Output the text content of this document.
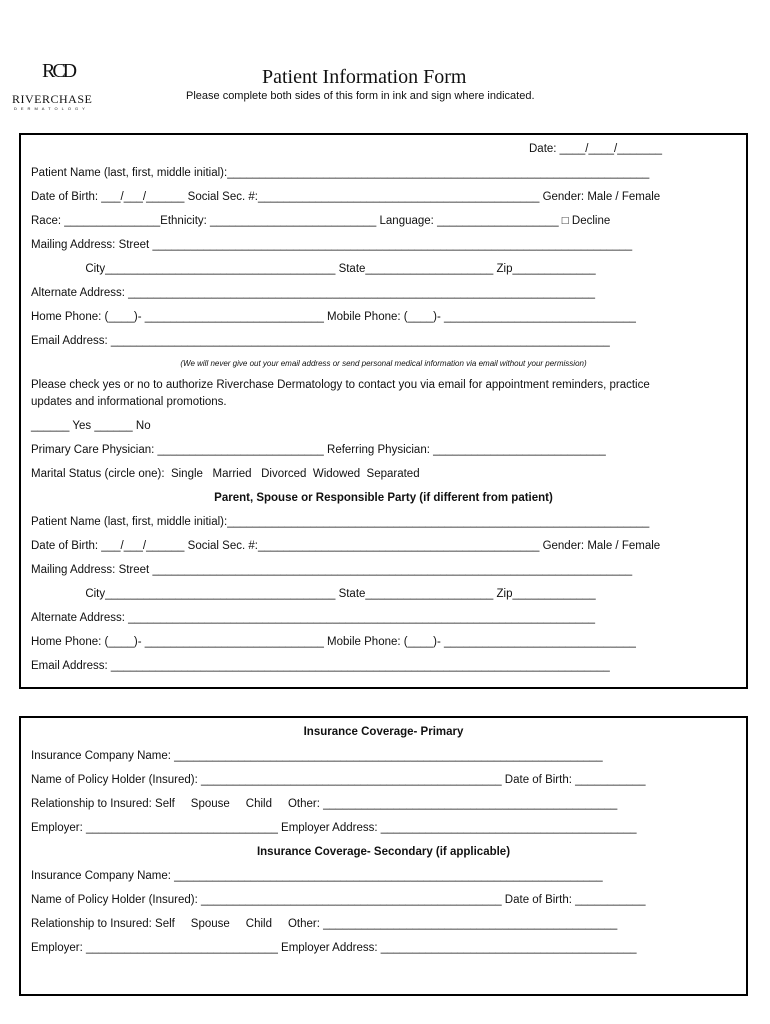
RCD
RIVERCHASE
DERMATOLOGY
Patient Information Form
Please complete both sides of this form in ink and sign where indicated.
Date: ____/____/_______
Patient Name (last, first, middle initial):__________________________________________________________________
Date of Birth: ___/___/______ Social Sec. #:____________________________________________ Gender: Male / Female
Race: _______________Ethnicity: __________________________ Language: ___________________ □ Decline
Mailing Address: Street ___________________________________________________________________________
City____________________________________ State____________________ Zip_____________
Alternate Address: _________________________________________________________________________
Home Phone: (____)- ____________________________ Mobile Phone: (____)- ______________________________
Email Address: ______________________________________________________________________________
(We will never give out your email address or send personal medical information via email without your permission)
Please check yes or no to authorize Riverchase Dermatology to contact you via email for appointment reminders, practice
updates and informational promotions.
______ Yes ______ No
Primary Care Physician: __________________________ Referring Physician: ___________________________
Marital Status (circle one):  Single   Married   Divorced  Widowed  Separated
Parent, Spouse or Responsible Party (if different from patient)
Patient Name (last, first, middle initial):__________________________________________________________________
Date of Birth: ___/___/______ Social Sec. #:____________________________________________ Gender: Male / Female
Mailing Address: Street ___________________________________________________________________________
City____________________________________ State____________________ Zip_____________
Alternate Address: _________________________________________________________________________
Home Phone: (____)- ____________________________ Mobile Phone: (____)- ______________________________
Email Address: ______________________________________________________________________________
Insurance Coverage- Primary
Insurance Company Name: ___________________________________________________________________
Name of Policy Holder (Insured): _______________________________________________ Date of Birth: ___________
Relationship to Insured: Self     Spouse     Child     Other: ______________________________________________
Employer: ______________________________ Employer Address: ________________________________________
Insurance Coverage- Secondary (if applicable)
Insurance Company Name: ___________________________________________________________________
Name of Policy Holder (Insured): _______________________________________________ Date of Birth: ___________
Relationship to Insured: Self     Spouse     Child     Other: ______________________________________________
Employer: ______________________________ Employer Address: ________________________________________
